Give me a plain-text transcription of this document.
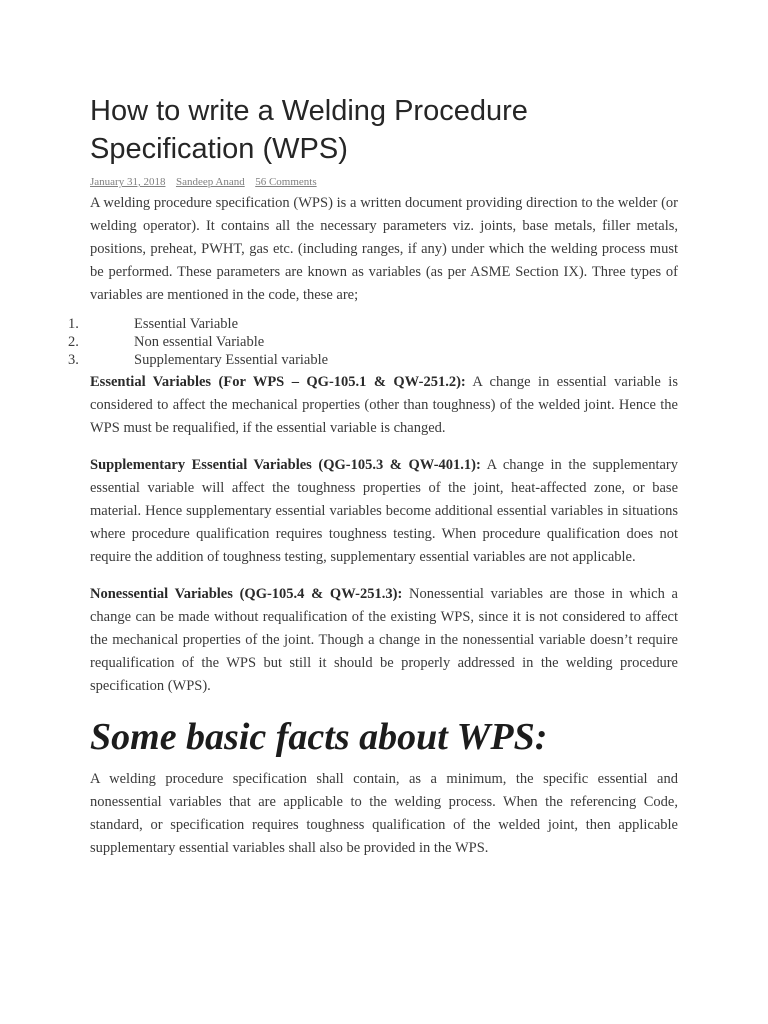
How to write a Welding Procedure Specification (WPS)
January 31, 2018 Sandeep Anand 56 Comments

A welding procedure specification (WPS) is a written document providing direction to the welder (or welding operator). It contains all the necessary parameters viz. joints, base metals, filler metals, positions, preheat, PWHT, gas etc. (including ranges, if any) under which the welding process must be performed. These parameters are known as variables (as per ASME Section IX). Three types of variables are mentioned in the code, these are;

1.	Essential Variable
2.	Non essential Variable
3.	Supplementary Essential variable

Essential Variables (For WPS – QG-105.1 & QW-251.2): A change in essential variable is considered to affect the mechanical properties (other than toughness) of the welded joint. Hence the WPS must be requalified, if the essential variable is changed.

Supplementary Essential Variables (QG-105.3 & QW-401.1): A change in the supplementary essential variable will affect the toughness properties of the joint, heat-affected zone, or base material. Hence supplementary essential variables become additional essential variables in situations where procedure qualification requires toughness testing. When procedure qualification does not require the addition of toughness testing, supplementary essential variables are not applicable.

Nonessential Variables (QG-105.4 & QW-251.3): Nonessential variables are those in which a change can be made without requalification of the existing WPS, since it is not considered to affect the mechanical properties of the joint. Though a change in the nonessential variable doesn’t require requalification of the WPS but still it should be properly addressed in the welding procedure specification (WPS).

Some basic facts about WPS:

A welding procedure specification shall contain, as a minimum, the specific essential and nonessential variables that are applicable to the welding process. When the referencing Code, standard, or specification requires toughness qualification of the welded joint, then applicable supplementary essential variables shall also be provided in the WPS.
